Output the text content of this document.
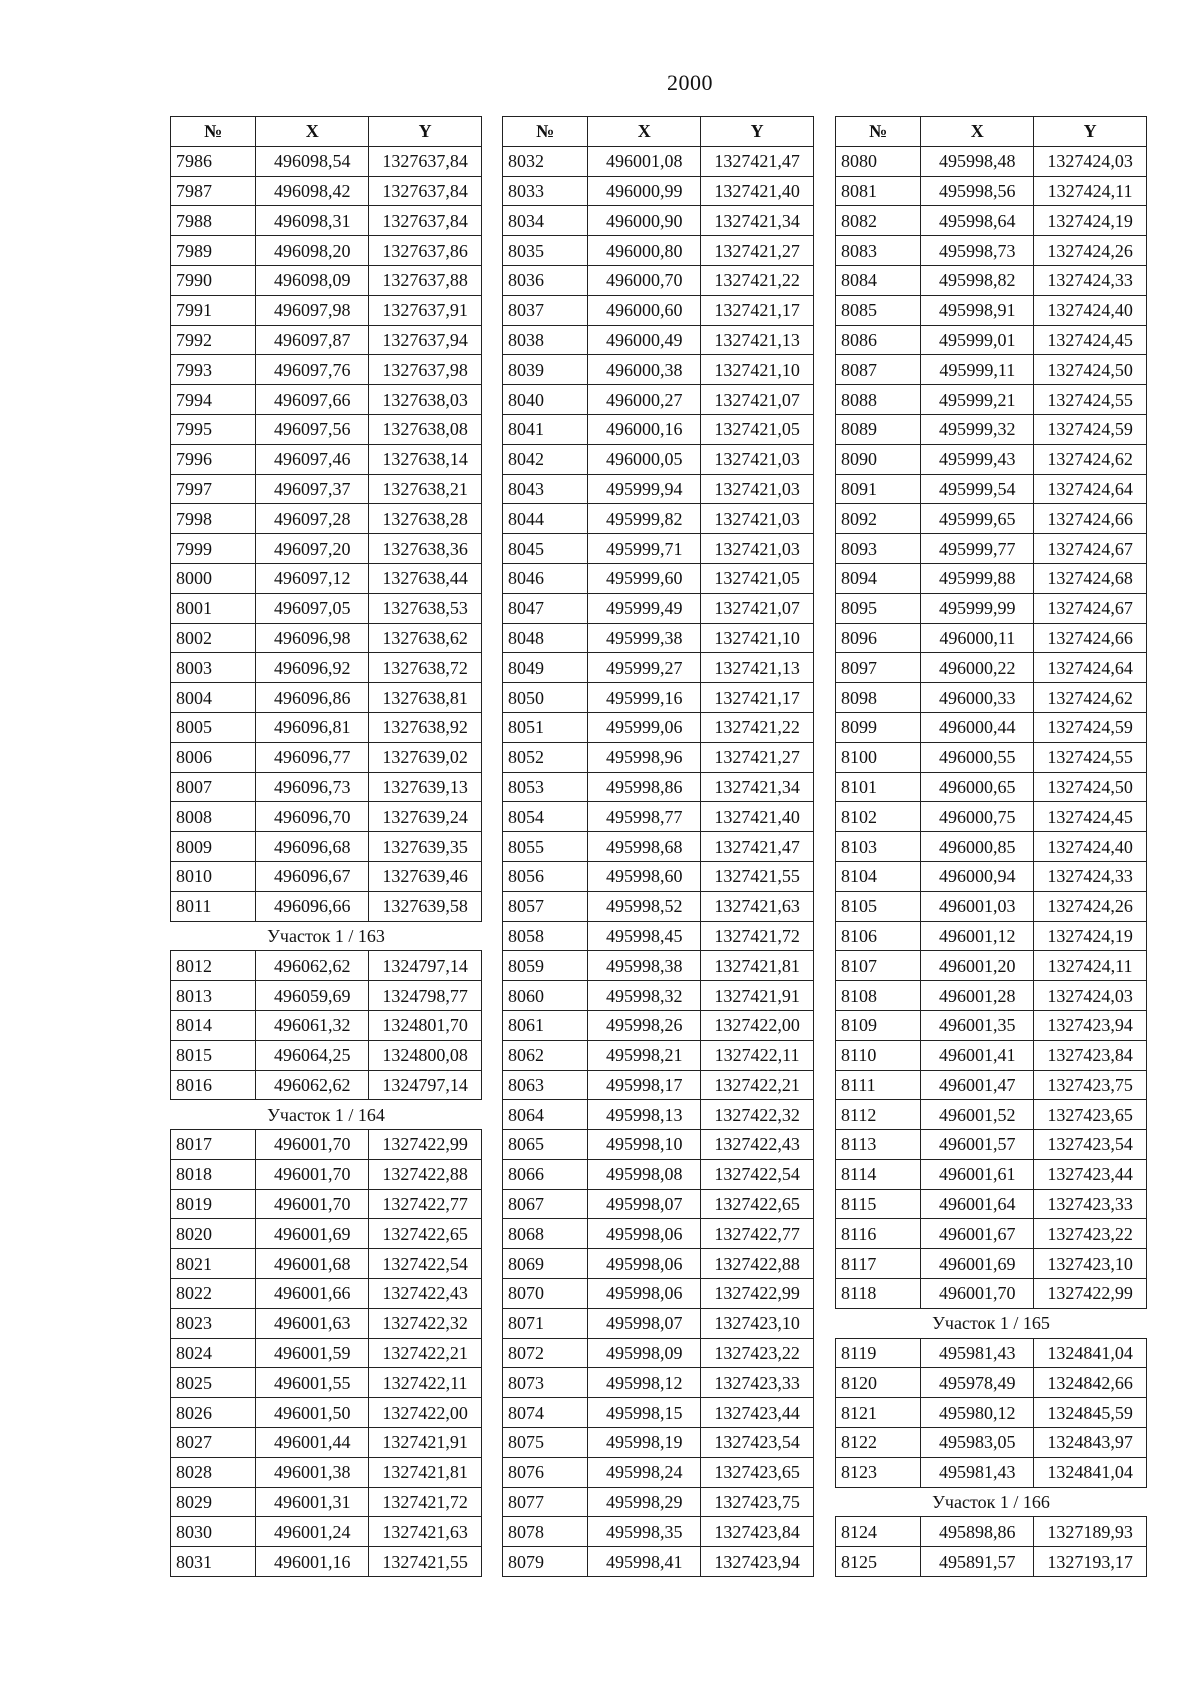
2000
№	X	Y
7986	496098,54	1327637,84
7987	496098,42	1327637,84
7988	496098,31	1327637,84
7989	496098,20	1327637,86
7990	496098,09	1327637,88
7991	496097,98	1327637,91
7992	496097,87	1327637,94
7993	496097,76	1327637,98
7994	496097,66	1327638,03
7995	496097,56	1327638,08
7996	496097,46	1327638,14
7997	496097,37	1327638,21
7998	496097,28	1327638,28
7999	496097,20	1327638,36
8000	496097,12	1327638,44
8001	496097,05	1327638,53
8002	496096,98	1327638,62
8003	496096,92	1327638,72
8004	496096,86	1327638,81
8005	496096,81	1327638,92
8006	496096,77	1327639,02
8007	496096,73	1327639,13
8008	496096,70	1327639,24
8009	496096,68	1327639,35
8010	496096,67	1327639,46
8011	496096,66	1327639,58
Участок 1 / 163		
8012	496062,62	1324797,14
8013	496059,69	1324798,77
8014	496061,32	1324801,70
8015	496064,25	1324800,08
8016	496062,62	1324797,14
Участок 1 / 164		
8017	496001,70	1327422,99
8018	496001,70	1327422,88
8019	496001,70	1327422,77
8020	496001,69	1327422,65
8021	496001,68	1327422,54
8022	496001,66	1327422,43
8023	496001,63	1327422,32
8024	496001,59	1327422,21
8025	496001,55	1327422,11
8026	496001,50	1327422,00
8027	496001,44	1327421,91
8028	496001,38	1327421,81
8029	496001,31	1327421,72
8030	496001,24	1327421,63
8031	496001,16	1327421,55
№	X	Y
8032	496001,08	1327421,47
8033	496000,99	1327421,40
8034	496000,90	1327421,34
8035	496000,80	1327421,27
8036	496000,70	1327421,22
8037	496000,60	1327421,17
8038	496000,49	1327421,13
8039	496000,38	1327421,10
8040	496000,27	1327421,07
8041	496000,16	1327421,05
8042	496000,05	1327421,03
8043	495999,94	1327421,03
8044	495999,82	1327421,03
8045	495999,71	1327421,03
8046	495999,60	1327421,05
8047	495999,49	1327421,07
8048	495999,38	1327421,10
8049	495999,27	1327421,13
8050	495999,16	1327421,17
8051	495999,06	1327421,22
8052	495998,96	1327421,27
8053	495998,86	1327421,34
8054	495998,77	1327421,40
8055	495998,68	1327421,47
8056	495998,60	1327421,55
8057	495998,52	1327421,63
8058	495998,45	1327421,72
8059	495998,38	1327421,81
8060	495998,32	1327421,91
8061	495998,26	1327422,00
8062	495998,21	1327422,11
8063	495998,17	1327422,21
8064	495998,13	1327422,32
8065	495998,10	1327422,43
8066	495998,08	1327422,54
8067	495998,07	1327422,65
8068	495998,06	1327422,77
8069	495998,06	1327422,88
8070	495998,06	1327422,99
8071	495998,07	1327423,10
8072	495998,09	1327423,22
8073	495998,12	1327423,33
8074	495998,15	1327423,44
8075	495998,19	1327423,54
8076	495998,24	1327423,65
8077	495998,29	1327423,75
8078	495998,35	1327423,84
8079	495998,41	1327423,94
№	X	Y
8080	495998,48	1327424,03
8081	495998,56	1327424,11
8082	495998,64	1327424,19
8083	495998,73	1327424,26
8084	495998,82	1327424,33
8085	495998,91	1327424,40
8086	495999,01	1327424,45
8087	495999,11	1327424,50
8088	495999,21	1327424,55
8089	495999,32	1327424,59
8090	495999,43	1327424,62
8091	495999,54	1327424,64
8092	495999,65	1327424,66
8093	495999,77	1327424,67
8094	495999,88	1327424,68
8095	495999,99	1327424,67
8096	496000,11	1327424,66
8097	496000,22	1327424,64
8098	496000,33	1327424,62
8099	496000,44	1327424,59
8100	496000,55	1327424,55
8101	496000,65	1327424,50
8102	496000,75	1327424,45
8103	496000,85	1327424,40
8104	496000,94	1327424,33
8105	496001,03	1327424,26
8106	496001,12	1327424,19
8107	496001,20	1327424,11
8108	496001,28	1327424,03
8109	496001,35	1327423,94
8110	496001,41	1327423,84
8111	496001,47	1327423,75
8112	496001,52	1327423,65
8113	496001,57	1327423,54
8114	496001,61	1327423,44
8115	496001,64	1327423,33
8116	496001,67	1327423,22
8117	496001,69	1327423,10
8118	496001,70	1327422,99
Участок 1 / 165		
8119	495981,43	1324841,04
8120	495978,49	1324842,66
8121	495980,12	1324845,59
8122	495983,05	1324843,97
8123	495981,43	1324841,04
Участок 1 / 166		
8124	495898,86	1327189,93
8125	495891,57	1327193,17
